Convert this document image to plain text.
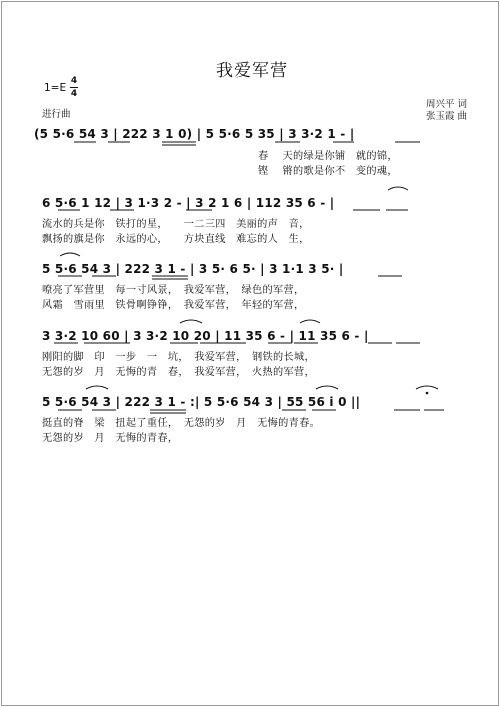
我爱军营
1=E
4
4
进行曲
周兴平 词
张玉霞 曲
(5 5·6 54 3 | 222 3 1 0) | 5 5·6 5 35 | 3 3·2 1 - |
春　 天的绿是你铺　就的锦，
铿　 锵的歌是你不　变的魂，
6 5·6 1 12 | 3 1·3 2 - | 3 2 1 6 | 112 35 6 - |
流水的兵是你　铁打的星，　　一二三四　美丽的声　音，
飘扬的旗是你　永远的心，　　方块直线　难忘的人　生，
5 5·6 54 3 | 222 3 1 - | 3 5· 6 5· | 3 1·1 3 5· |
嘹亮了军营里　每一寸风景，　我爱军营，　绿色的军营，
风霜　雪雨里　铁骨啊铮铮，　我爱军营，　年轻的军营，
3 3·2 10 60 | 3 3·2 10 20 | 11 35 6 - | 11 35 6 - |
刚阳的脚　印　一步　一　坑，　我爱军营，　钢铁的长城，
无怨的岁　月　无悔的青　春，　我爱军营，　火热的军营，
5 5·6 54 3 | 222 3 1 - :| 5 5·6 54 3 | 55 56 i 0 ||
挺直的脊　梁　扭起了重任，　无怨的岁　月　无悔的青春。
无怨的岁　月　无悔的青春，
